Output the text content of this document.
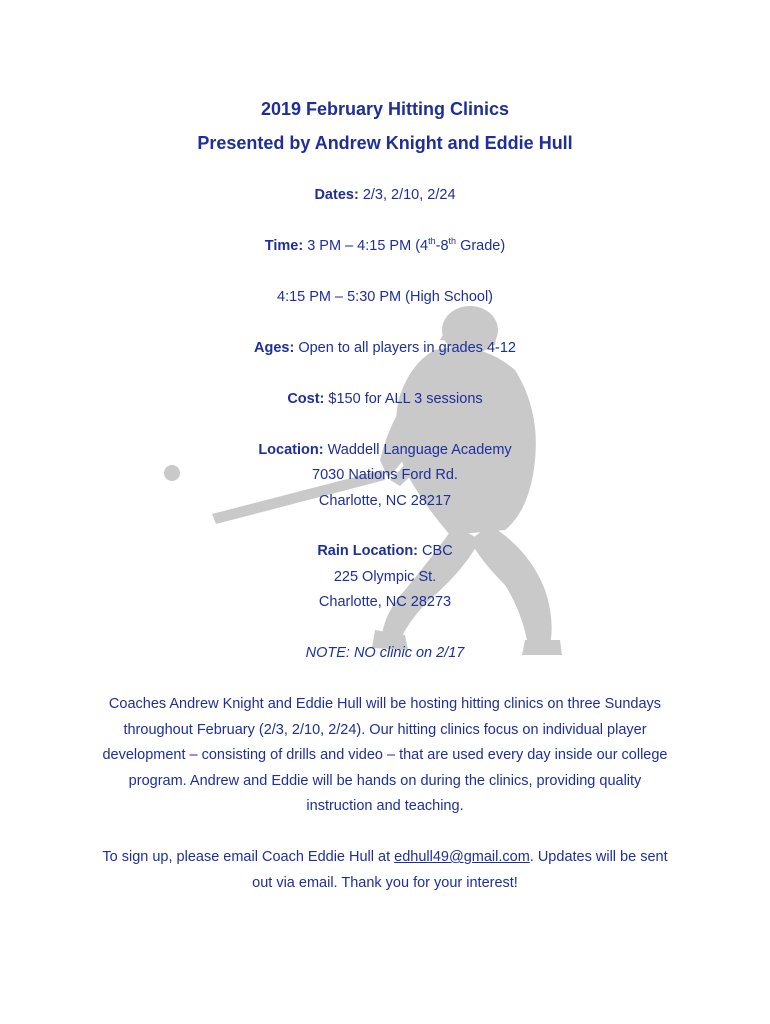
2019 February Hitting Clinics
Presented by Andrew Knight and Eddie Hull

Dates: 2/3, 2/10, 2/24

Time: 3 PM – 4:15 PM (4th-8th Grade)

4:15 PM – 5:30 PM (High School)

Ages: Open to all players in grades 4-12

Cost: $150 for ALL 3 sessions

Location: Waddell Language Academy

7030 Nations Ford Rd.

Charlotte, NC 28217

Rain Location: CBC

225 Olympic St.

Charlotte, NC 28273

NOTE: NO clinic on 2/17

Coaches Andrew Knight and Eddie Hull will be hosting hitting clinics on three Sundays throughout February (2/3, 2/10, 2/24). Our hitting clinics focus on individual player development – consisting of drills and video – that are used every day inside our college program. Andrew and Eddie will be hands on during the clinics, providing quality instruction and teaching.

To sign up, please email Coach Eddie Hull at edhull49@gmail.com. Updates will be sent out via email. Thank you for your interest!
